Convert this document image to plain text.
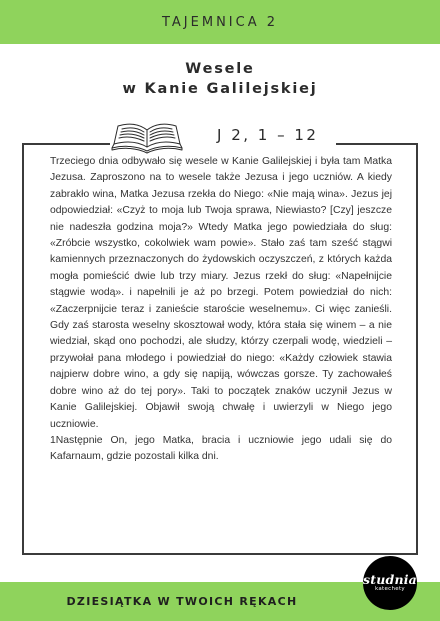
TAJEMNICA 2
Wesele
w Kanie Galilejskiej
J 2, 1 – 12

Trzeciego dnia odbywało się wesele w Kanie Galilejskiej i była tam Matka Jezusa. Zaproszono na to wesele także Jezusa i jego uczniów. A kiedy zabrakło wina, Matka Jezusa rzekła do Niego: «Nie mają wina». Jezus jej odpowiedział: «Czyż to moja lub Twoja sprawa, Niewiasto? [Czy] jeszcze nie nadeszła godzina moja?» Wtedy Matka jego powiedziała do sług: «Zróbcie wszystko, cokolwiek wam powie». Stało zaś tam sześć stągwi kamiennych przeznaczonych do żydowskich oczyszczeń, z których każda mogła pomieścić dwie lub trzy miary. Jezus rzekł do sług: «Napełnijcie stągwie wodą». i napełnili je aż po brzegi. Potem powiedział do nich: «Zaczerpnijcie teraz i zanieście staroście weselnemu». Ci więc zanieśli. Gdy zaś starosta weselny skosztował wody, która stała się winem – a nie wiedział, skąd ono pochodzi, ale słudzy, którzy czerpali wodę, wiedzieli – przywołał pana młodego i powiedział do niego: «Każdy człowiek stawia najpierw dobre wino, a gdy się napiją, wówczas gorsze. Ty zachowałeś dobre wino aż do tej pory». Taki to początek znaków uczynił Jezus w Kanie Galilejskiej. Objawił swoją chwałę i uwierzyli w Niego jego uczniowie.

1Następnie On, jego Matka, bracia i uczniowie jego udali się do Kafarnaum, gdzie pozostali kilka dni.

DZIESIĄTKA W TWOICH RĘKACH
studnia
katechety
